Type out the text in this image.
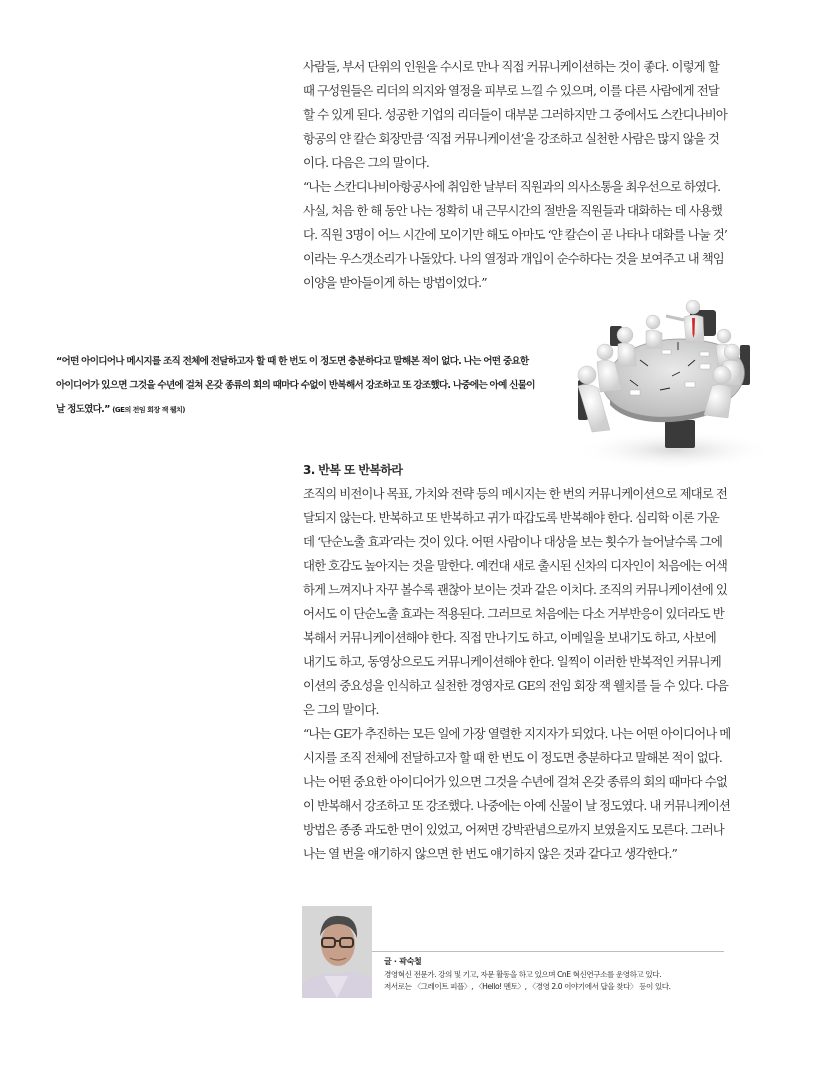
사람들, 부서 단위의 인원을 수시로 만나 직접 커뮤니케이션하는 것이 좋다. 이렇게 할
때 구성원들은 리더의 의지와 열정을 피부로 느낄 수 있으며, 이를 다른 사람에게 전달
할 수 있게 된다. 성공한 기업의 리더들이 대부분 그러하지만 그 중에서도 스칸디나비아
항공의 얀 칼슨 회장만큼 ‘직접 커뮤니케이션’을 강조하고 실천한 사람은 많지 않을 것
이다. 다음은 그의 말이다.

“나는 스칸디나비아항공사에 취임한 날부터 직원과의 의사소통을 최우선으로 하였다.
사실, 처음 한 해 동안 나는 정확히 내 근무시간의 절반을 직원들과 대화하는 데 사용했
다. 직원 3명이 어느 시간에 모이기만 해도 아마도 ‘얀 칼슨이 곧 나타나 대화를 나눌 것’
이라는 우스갯소리가 나돌았다. 나의 열정과 개입이 순수하다는 것을 보여주고 내 책임
이양을 받아들이게 하는 방법이었다.”

“어떤 아이디어나 메시지를 조직 전체에 전달하고자 할 때 한 번도 이 정도면 충분하다고 말해본 적이 없다. 나는 어떤 중요한
아이디어가 있으면 그것을 수년에 걸쳐 온갖 종류의 회의 때마다 수없이 반복해서 강조하고 또 강조했다. 나중에는 아예 신물이
날 정도였다.” (GE의 전임 회장 잭 웰치)
3. 반복 또 반복하라

조직의 비전이나 목표, 가치와 전략 등의 메시지는 한 번의 커뮤니케이션으로 제대로 전
달되지 않는다. 반복하고 또 반복하고 귀가 따갑도록 반복해야 한다. 심리학 이론 가운
데 ‘단순노출 효과’라는 것이 있다. 어떤 사람이나 대상을 보는 횟수가 늘어날수록 그에
대한 호감도 높아지는 것을 말한다. 예컨대 새로 출시된 신차의 디자인이 처음에는 어색
하게 느껴지나 자꾸 볼수록 괜찮아 보이는 것과 같은 이치다. 조직의 커뮤니케이션에 있
어서도 이 단순노출 효과는 적용된다. 그러므로 처음에는 다소 거부반응이 있더라도 반
복해서 커뮤니케이션해야 한다. 직접 만나기도 하고, 이메일을 보내기도 하고, 사보에
내기도 하고, 동영상으로도 커뮤니케이션해야 한다. 일찍이 이러한 반복적인 커뮤니케
이션의 중요성을 인식하고 실천한 경영자로 GE의 전임 회장 잭 웰치를 들 수 있다. 다음
은 그의 말이다.

“나는 GE가 추진하는 모든 일에 가장 열렬한 지지자가 되었다. 나는 어떤 아이디어나 메
시지를 조직 전체에 전달하고자 할 때 한 번도 이 정도면 충분하다고 말해본 적이 없다.
나는 어떤 중요한 아이디어가 있으면 그것을 수년에 걸쳐 온갖 종류의 회의 때마다 수없
이 반복해서 강조하고 또 강조했다. 나중에는 아예 신물이 날 정도였다. 내 커뮤니케이션
방법은 종종 과도한 면이 있었고, 어쩌면 강박관념으로까지 보였을지도 모른다. 그러나
나는 열 번을 얘기하지 않으면 한 번도 얘기하지 않은 것과 같다고 생각한다.”

글 · 곽숙철
경영혁신 전문가. 강의 및 기고, 자문 활동을 하고 있으며 CnE 혁신연구소를 운영하고 있다.
저서로는 〈그레이트 피플〉, 〈Hello! 멘토〉, 〈경영 2.0 이야기에서 답을 찾다〉 등이 있다.
